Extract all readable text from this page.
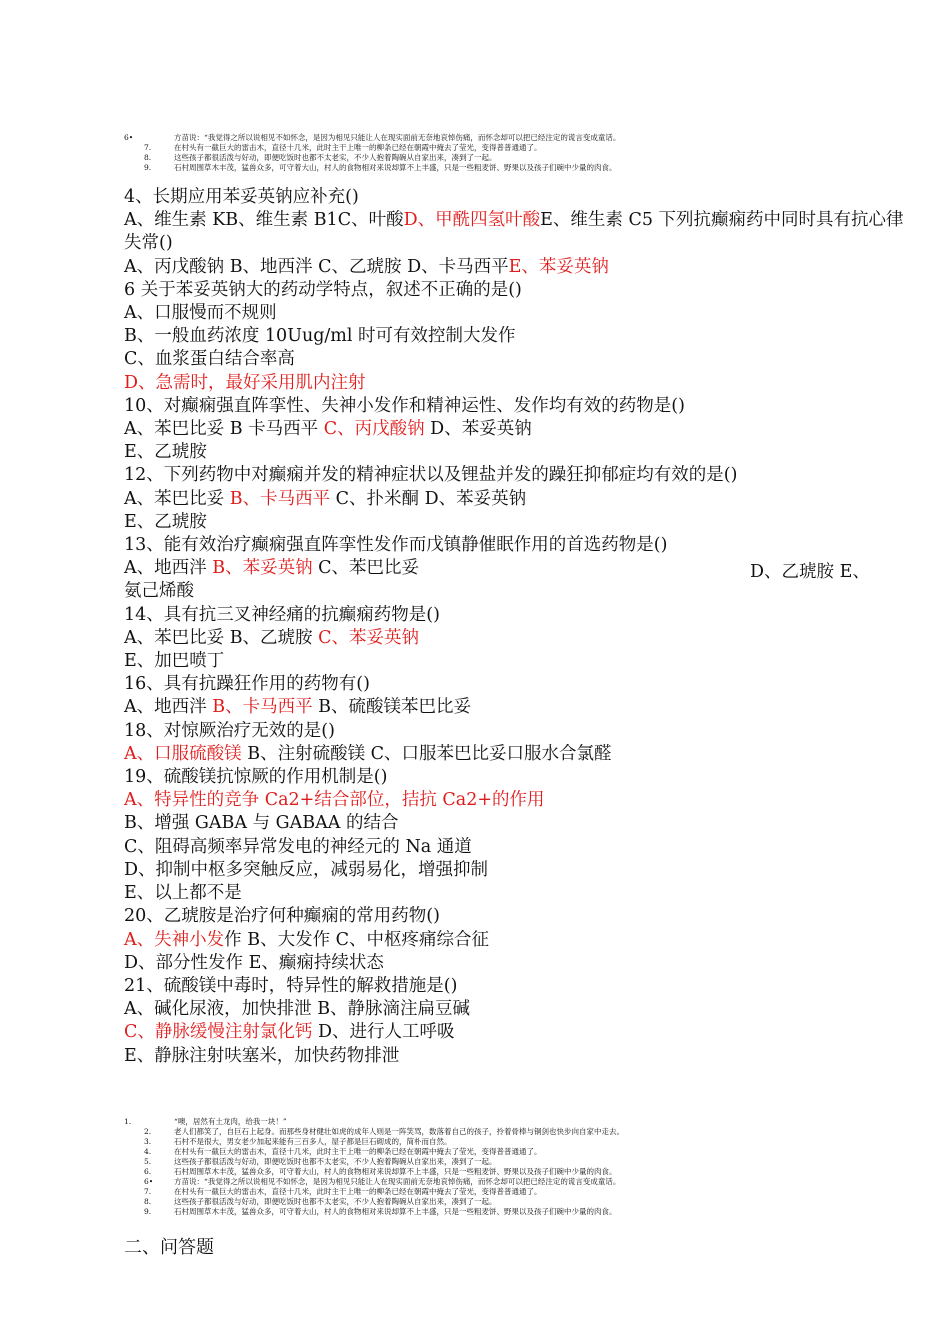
6•	方苗说：“我觉得之所以说相见不如怀念，是因为相见只能让人在现实面前无奈地哀悼伤痛，而怀念却可以把已经注定的谎言变成童话。
7.	在村头有一截巨大的雷击木，直径十几米，此时主干上唯一的柳条已经在朝霞中掩去了莹光，变得普普通通了。
8.	这些孩子都很活泼与好动，即便吃饭时也都不太老实，不少人抱着陶碗从自家出来，凑到了一起。
9.	石村周围草木丰茂，猛兽众多，可守着大山，村人的食物相对来说却算不上丰盛，只是一些粗麦饼、野果以及孩子们碗中少量的肉食。
4、长期应用苯妥英钠应补充()
A、维生素 KB、维生素 B1C、叶酸D、甲酰四氢叶酸E、维生素 C5 下列抗癫痫药中同时具有抗心律失常()
A、丙戊酸钠 B、地西泮 C、乙琥胺 D、卡马西平E、苯妥英钠
6 关于苯妥英钠大的药动学特点，叙述不正确的是()
A、口服慢而不规则
B、一般血药浓度 10Uug/ml 时可有效控制大发作
C、血浆蛋白结合率高
D、急需时，最好采用肌内注射
10、对癫痫强直阵挛性、失神小发作和精神运性、发作均有效的药物是()
A、苯巴比妥 B 卡马西平 C、丙戊酸钠 D、苯妥英钠
E、乙琥胺
12、下列药物中对癫痫并发的精神症状以及锂盐并发的躁狂抑郁症均有效的是()
A、苯巴比妥 B、卡马西平 C、扑米酮 D、苯妥英钠
E、乙琥胺
13、能有效治疗癫痫强直阵挛性发作而戊镇静催眠作用的首选药物是()
A、地西泮 B、苯妥英钠 C、苯巴比妥	D、乙琥胺 E、
氨己烯酸
14、具有抗三叉神经痛的抗癫痫药物是()
A、苯巴比妥 B、乙琥胺 C、苯妥英钠
E、加巴喷丁
16、具有抗躁狂作用的药物有()
A、地西泮 B、卡马西平 B、硫酸镁苯巴比妥
18、对惊厥治疗无效的是()
A、口服硫酸镁 B、注射硫酸镁 C、口服苯巴比妥口服水合氯醛
19、硫酸镁抗惊厥的作用机制是()
A、特异性的竞争 Ca2+结合部位，拮抗 Ca2+的作用
B、增强 GABA 与 GABAA 的结合
C、阻碍高频率异常发电的神经元的 Na 通道
D、抑制中枢多突触反应，减弱易化，增强抑制
E、以上都不是
20、乙琥胺是治疗何种癫痫的常用药物()
A、失神小发作 B、大发作 C、中枢疼痛综合征
D、部分性发作 E、癫痫持续状态
21、硫酸镁中毒时，特异性的解救措施是()
A、碱化尿液，加快排泄 B、静脉滴注扁豆碱
C、静脉缓慢注射氯化钙 D、进行人工呼吸
E、静脉注射呋塞米，加快药物排泄
1.	“噢，居然有土龙肉，给我一块！”
2.	老人们都笑了，自巨石上起身。而那些身材健壮如虎的成年人则是一阵笑骂，数落着自己的孩子，拎着骨棒与铜剑也快步向自家中走去。
3.	石村不是很大，男女老少加起来能有三百多人，屋子都是巨石砌成的，简朴而自然。
4.	在村头有一截巨大的雷击木，直径十几米，此时主干上唯一的柳条已经在朝霞中掩去了莹光，变得普普通通了。
5.	这些孩子都很活泼与好动，即便吃饭时也都不太老实，不少人抱着陶碗从自家出来，凑到了一起。
6.	石村周围草木丰茂，猛兽众多，可守着大山，村人的食物相对来说却算不上丰盛，只是一些粗麦饼、野果以及孩子们碗中少量的肉食。
6•	方苗说：“我觉得之所以说相见不如怀念，是因为相见只能让人在现实面前无奈地哀悼伤痛，而怀念却可以把已经注定的谎言变成童话。
7.	在村头有一截巨大的雷击木，直径十几米，此时主干上唯一的柳条已经在朝霞中掩去了莹光，变得普普通通了。
8.	这些孩子都很活泼与好动，即便吃饭时也都不太老实，不少人抱着陶碗从自家出来，凑到了一起。
9.	石村周围草木丰茂，猛兽众多，可守着大山，村人的食物相对来说却算不上丰盛，只是一些粗麦饼、野果以及孩子们碗中少量的肉食。
二、问答题
